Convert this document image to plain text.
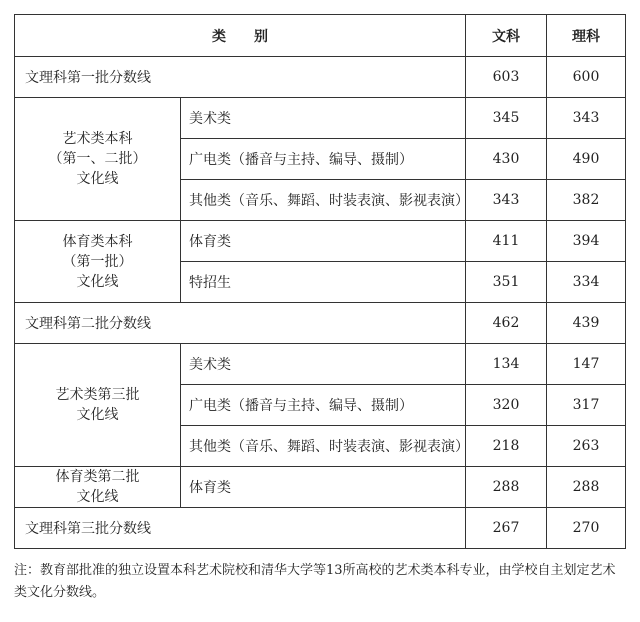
类　　别		文科	理科
文理科第一批分数线		603	600

艺术类本科
（第一、二批）
文化线	美术类	345	343
	广电类（播音与主持、编导、摄制）	430	490
	其他类（音乐、舞蹈、时装表演、影视表演）	343	382

体育类本科
（第一批）
文化线	体育类	411	394
	特招生	351	334
文理科第二批分数线		462	439

艺术类第三批
文化线	美术类	134	147
	广电类（播音与主持、编导、摄制）	320	317
	其他类（音乐、舞蹈、时装表演、影视表演）	218	263

体育类第二批
文化线	体育类	288	288
文理科第三批分数线		267	270
注：教育部批准的独立设置本科艺术院校和清华大学等13所高校的艺术类本科专业，由学校自主划定艺术类文化分数线。
